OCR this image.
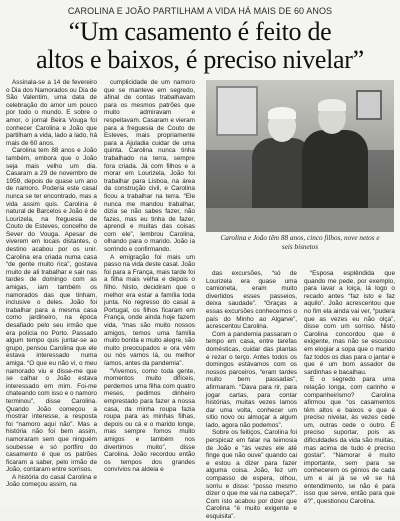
CAROLINA E JOÃO PARTILHAM A VIDA HÁ MAIS DE 60 ANOS
“Um casamento é feito de
altos e baixos, é preciso nivelar”

Assinala-se a 14 de fevereiro o Dia dos Namorados ou Dia de São Valentim, uma data de celebração do amor um pouco por todo o mundo. E sobre o amor, o jornal Beira Vouga foi conhecer Carolina e João que partilham a vida, lado a lado, há mais de 60 anos.

Carolina tem 88 anos e João também, embora que o João seja mais velho um dia. Casaram a 29 de novembro de 1959, depois de quase um ano de namoro. Poderia este casal nunca se ter encontrado, mas a vida assim quis. Carolina é natural de Barcelos e João é de Lourizela, na freguesia de Couto de Esteves, concelho de Sever do Vouga. Apesar de viverem em locais distantes, o destino acabou por os unir. Carolina era criada numa casa “de gente muito rica”, gostava muito de ali trabalhar e sair nas tardes de domingo com as amigas, iam também os namorados das que tinham, inclusive o deles. João foi trabalhar para a mesma casa como jardineiro, na época desafiado pelo seu irmão que era polícia no Porto. Passado algum tempo quis juntar-se ao grupo, pensou Carolina que ele estava interessado numa amiga. “O que eu não vi, o meu namorado viu e disse-me que se calhar o João estava interessado em mim. Foi-me chateando com isso e o namoro terminou”, disse Carolina. Quando João começou a mostrar interesse, a resposta foi “namoro aqui não”. Mas a história não foi bem assim, namoraram sem que ninguém soubesse e só portfiro do casamento é que os patrões ficaram a saber, pelo irmão de João, contaram entre sorrisos.

A história do casal Carolina e João começou assim, na

cumplicidade de um namoro que se manteve em segredo, afinal de contas trabalhavam para os mesmos patrões que muito admiravam e respeitavam. Casaram e vieram para a freguesia de Couto de Esteves, mais propriamente para a Ajuladia cuidar de uma quinta. Carolina nunca tinha trabalhado na terra, sempre fora criada. Já com filhos e a morar em Lourizela, João foi trabalhar para Lisboa, na área da construção civil, e Carolina ficou a trabalhar na terra. “Ele nunca me mandou trabalhar, dizia se não sabes fazer, não fazes, mas eu tinha de fazer, aprendi e muitas das coisas com ele”, lembrou Carolina, olhando para o marido. João ia sorrindo e confirmando.

A emigração foi mais um passo na vida deste casal. João foi para a França, mais tarde foi a filha mais velha e depois o filho. Nisto, decidiram que o melhor era estar a família toda junta. No regresso do casal a Portugal, os filhos ficaram em França, onde ainda hoje fazem vida, “mas são muito nossos amigos, temos uma família muito bonita e muito alegre, são muito preocupados e ora vêm ou nós vamos lá, ou melhor íamos, antes da pandemia”.

“Vivemos, como toda gente, momentos muito difíceis, perdemos uma filha com quatro meses, pedimos dinheiro emprestado para fazer a nossa casa, da minha roupa fazia roupa para as minhas filhas, depois ou cá e o marido longe, mas sempre fomos muito amigos e também nos divertimos muito”, disse Carolina. João recordou então os tempos dos grandes convívios na aldeia e

Carolina e João têm 88 anos, cinco filhos, nove netos e
seis bisnetos

das excursões, “só de Lourizela era quase uma camioneta, eram muito divertidos esses passeios, deixa saudade”. “Graças a essas excursões conhecemos o país do Minho ao Algarve”, acrescentou Carolina.

Com a pandemia passaram o tempo em casa, entre tarefas domésticas, cuidar das plantas e rezar o terço. Antes todos os domingos estávamos com os nossos parceiros, “eram tardes muito bem passadas”, afirmaram. “Dava para rir, para jogar cartas, para contar histórias, muitas vezes lamos dar uma volta, conhecer um sítio novo ou almoçar a algum lado, agora não podemos”.

Sobre os feitiços, Carolina foi perspicaz em falar na teimosia de João e “às vezes ele até finge que não ouve” quando cai e estou a dizer para fazer alguma coisa. João, fez um compasso de espera, olhou, sorriu e disse: “posso mesmo dizer o que me vai na cabeça?”. Com isto acabou por dizer que Carolina “é muito exigente e esquisita”.

“Esposa esplêndida que quando me pede, por exemplo, para lavar a loiça, lá logo o recado antes “faz isto e faz aquilo”. João acrescentou que no fim ela ainda vai ver, “pudera que as vezes eu não olça”, disse com um sorriso. Nisto Carolina concordou que é exigente, mas não se escusou em elogiar a sopa que o marido faz todos os dias para o jantar e que é um bom assador de sardinhas e bacalhau.

E o segredo para uma relação longa, com carinho e companheirismo? Carolina afirmou que “os casamentos têm altos e baixos e que é preciso nivelar, às vezes cede um, outras cede o outro. É preciso suportar, pois as dificuldades da vida são muitas, mas acima de tudo é preciso gostar”. “Namorar é muito importante, sem para se conhecerem os génios de cada um e aí já se vê se há entendimento, se não é para isso que serve, então para que é?”, questionou Carolina.
